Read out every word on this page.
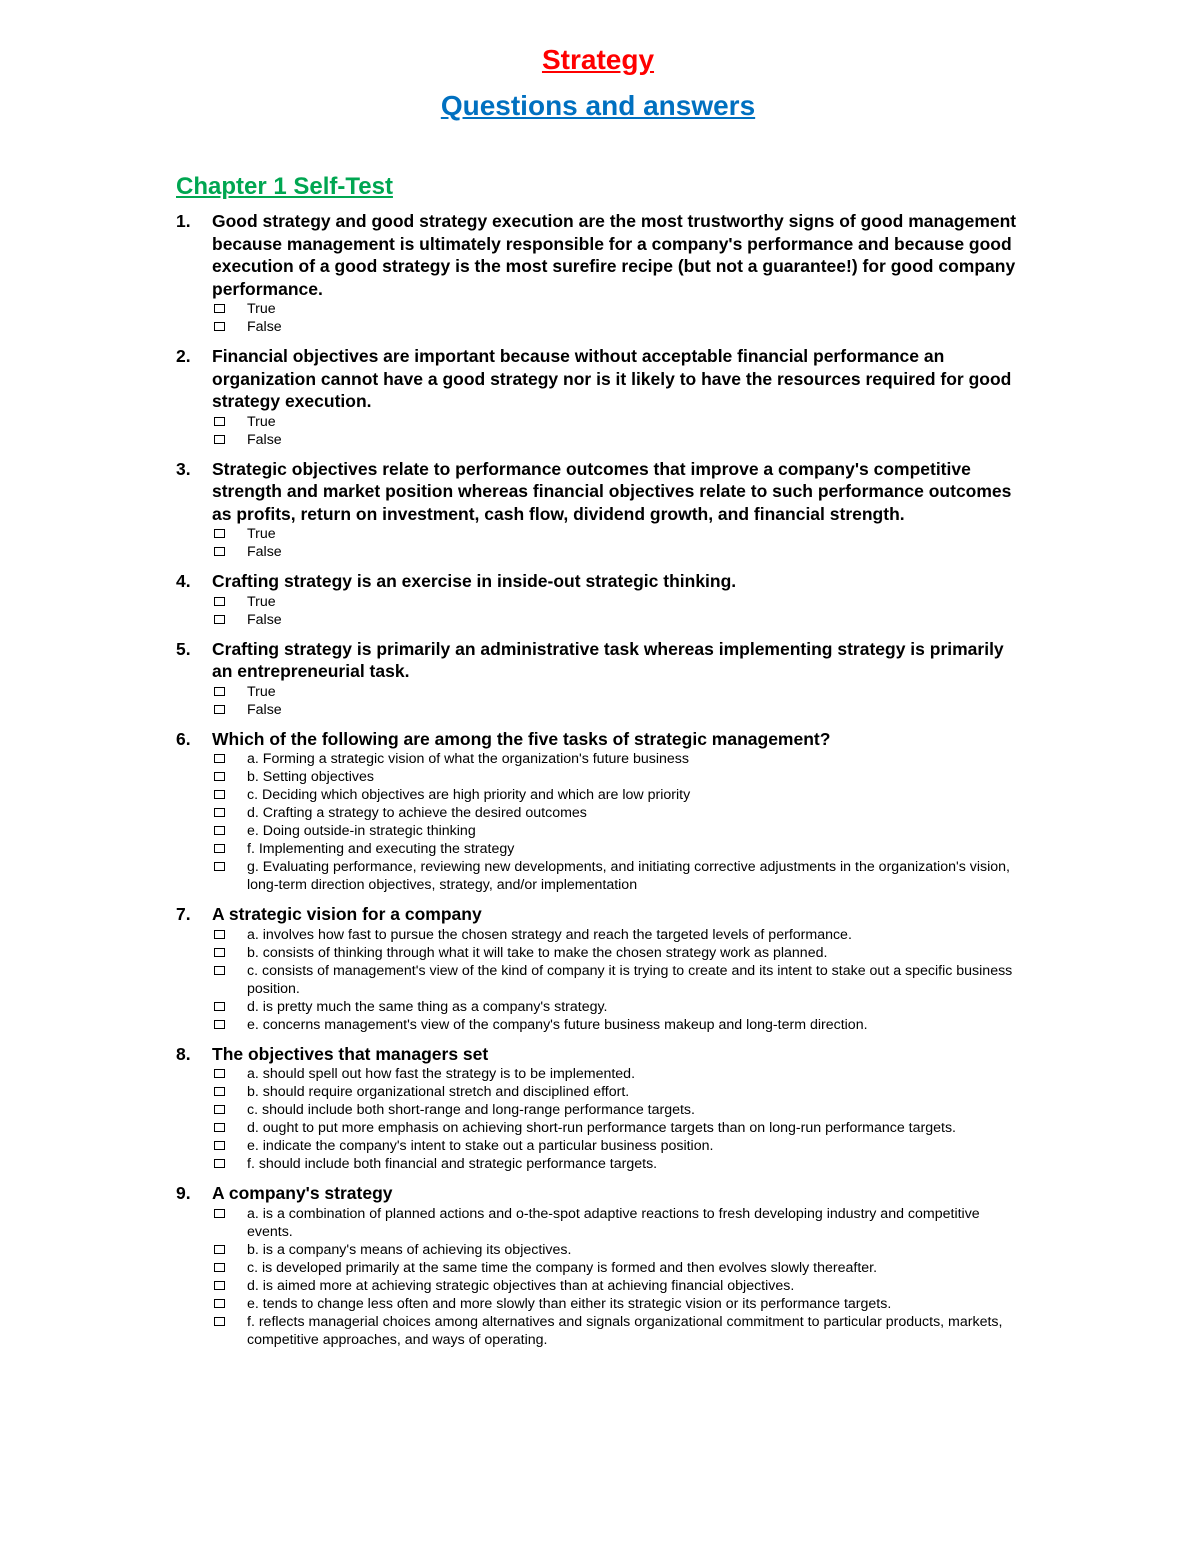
Strategy
Questions and answers
Chapter 1 Self-Test
1.	Good strategy and good strategy execution are the most trustworthy signs of good management because management is ultimately responsible for a company's performance and because good execution of a good strategy is the most surefire recipe (but not a guarantee!) for good company performance.
True
False
2.	Financial objectives are important because without acceptable financial performance an organization cannot have a good strategy nor is it likely to have the resources required for good strategy execution.
True
False
3.	Strategic objectives relate to performance outcomes that improve a company's competitive strength and market position whereas financial objectives relate to such performance outcomes as profits, return on investment, cash flow, dividend growth, and financial strength.
True
False
4.	Crafting strategy is an exercise in inside-out strategic thinking.
True
False
5.	Crafting strategy is primarily an administrative task whereas implementing strategy is primarily an entrepreneurial task.
True
False
6.	Which of the following are among the five tasks of strategic management?
a. Forming a strategic vision of what the organization's future business
b. Setting objectives
c. Deciding which objectives are high priority and which are low priority
d. Crafting a strategy to achieve the desired outcomes
e. Doing outside-in strategic thinking
f. Implementing and executing the strategy
g. Evaluating performance, reviewing new developments, and initiating corrective adjustments in the organization's vision, long-term direction objectives, strategy, and/or implementation
7.	A strategic vision for a company
a. involves how fast to pursue the chosen strategy and reach the targeted levels of performance.
b. consists of thinking through what it will take to make the chosen strategy work as planned.
c. consists of management's view of the kind of company it is trying to create and its intent to stake out a specific business position.
d. is pretty much the same thing as a company's strategy.
e. concerns management's view of the company's future business makeup and long-term direction.
8.	The objectives that managers set
a. should spell out how fast the strategy is to be implemented.
b. should require organizational stretch and disciplined effort.
c. should include both short-range and long-range performance targets.
d. ought to put more emphasis on achieving short-run performance targets than on long-run performance targets.
e. indicate the company's intent to stake out a particular business position.
f. should include both financial and strategic performance targets.
9.	A company's strategy
a. is a combination of planned actions and o-the-spot adaptive reactions to fresh developing industry and competitive events.
b. is a company's means of achieving its objectives.
c. is developed primarily at the same time the company is formed and then evolves slowly thereafter.
d. is aimed more at achieving strategic objectives than at achieving financial objectives.
e. tends to change less often and more slowly than either its strategic vision or its performance targets.
f. reflects managerial choices among alternatives and signals organizational commitment to particular products, markets, competitive approaches, and ways of operating.
